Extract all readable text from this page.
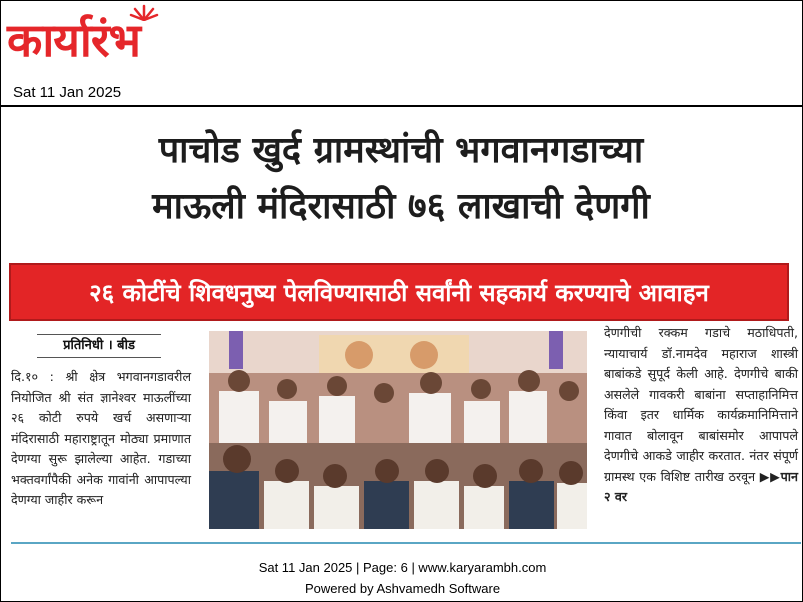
कार्यारंभ
Sat 11 Jan 2025
पाचोड खुर्द ग्रामस्थांची भगवानगडाच्या
माऊली मंदिरासाठी ७६ लाखाची देणगी
२६ कोटींचे शिवधनुष्य पेलविण्यासाठी सर्वांनी सहकार्य करण्याचे आवाहन
प्रतिनिधी । बीड
दि.१० : श्री क्षेत्र भगवानगडावरील नियोजित श्री संत ज्ञानेश्वर माऊलींच्या २६ कोटी रुपये खर्च असणाऱ्या मंदिरासाठी महाराष्ट्रातून मोठ्या प्रमाणात देणग्या सुरू झालेल्या आहेत. गडाच्या भक्तवर्गांपैकी अनेक गावांनी आपापल्या देणग्या जाहीर करून
देणगीची रक्कम गडाचे मठाधिपती, न्यायाचार्य डॉ.नामदेव महाराज शास्त्री बाबांकडे सुपूर्द केली आहे. देणगीचे बाकी असलेले गावकरी बाबांना सप्ताहानिमित्त किंवा इतर धार्मिक कार्यक्रमानिमित्ताने गावात बोलावून बाबांसमोर आपापले देणगीचे आकडे जाहीर करतात. नंतर संपूर्ण ग्रामस्थ एक विशिष्ट तारीख ठरवून ▶▶पान २ वर
Sat 11 Jan 2025 | Page: 6 | www.karyarambh.com
Powered by Ashvamedh Software
